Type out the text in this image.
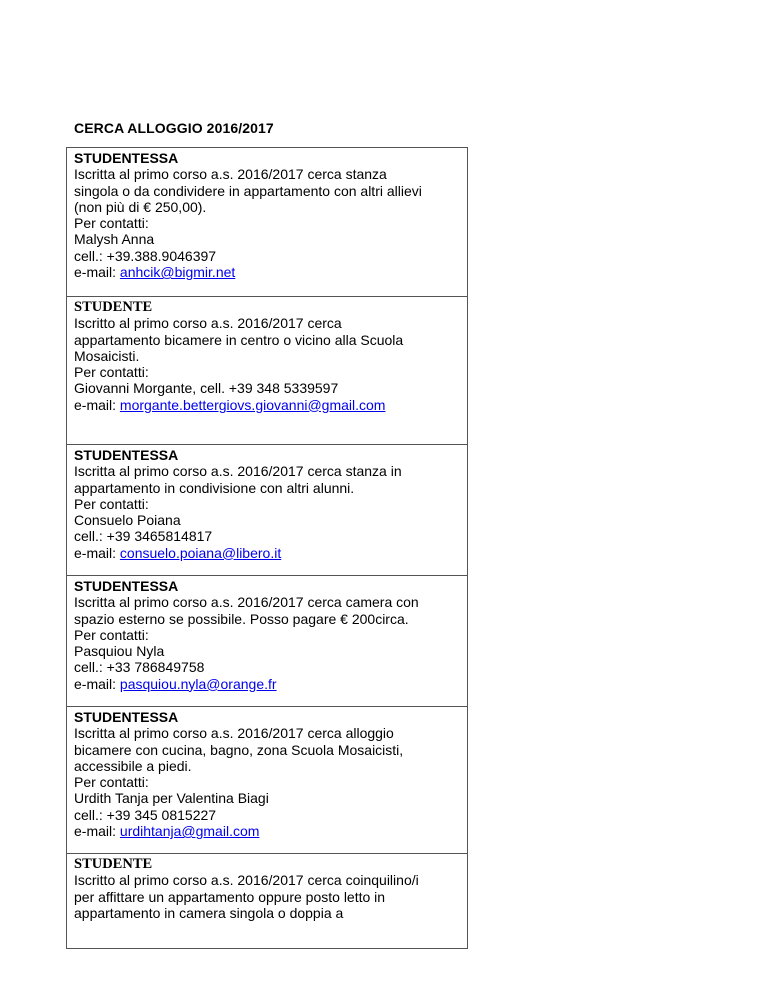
CERCA ALLOGGIO 2016/2017
STUDENTESSA
Iscritta al primo corso a.s. 2016/2017 cerca stanza
singola o da condividere in appartamento con altri allievi
(non più di € 250,00).
Per contatti:
Malysh Anna
cell.: +39.388.9046397
e-mail: anhcik@bigmir.net
STUDENTE
Iscritto al primo corso a.s. 2016/2017 cerca
appartamento bicamere in centro o vicino alla Scuola
Mosaicisti.
Per contatti:
Giovanni Morgante, cell. +39 348 5339597
e-mail: morgante.bettergiovs.giovanni@gmail.com
STUDENTESSA
Iscritta al primo corso a.s. 2016/2017 cerca stanza in
appartamento in condivisione con altri alunni.
Per contatti:
Consuelo Poiana
cell.: +39 3465814817
e-mail: consuelo.poiana@libero.it
STUDENTESSA
Iscritta al primo corso a.s. 2016/2017 cerca camera con
spazio esterno se possibile. Posso pagare € 200circa.
Per contatti:
Pasquiou Nyla
cell.: +33 786849758
e-mail: pasquiou.nyla@orange.fr
STUDENTESSA
Iscritta al primo corso a.s. 2016/2017 cerca alloggio
bicamere con cucina, bagno, zona Scuola Mosaicisti,
accessibile a piedi.
Per contatti:
Urdith Tanja per Valentina Biagi
cell.: +39 345 0815227
e-mail: urdihtanja@gmail.com
STUDENTE
Iscritto al primo corso a.s. 2016/2017 cerca coinquilino/i
per affittare un appartamento oppure posto letto in
appartamento in camera singola o doppia a
